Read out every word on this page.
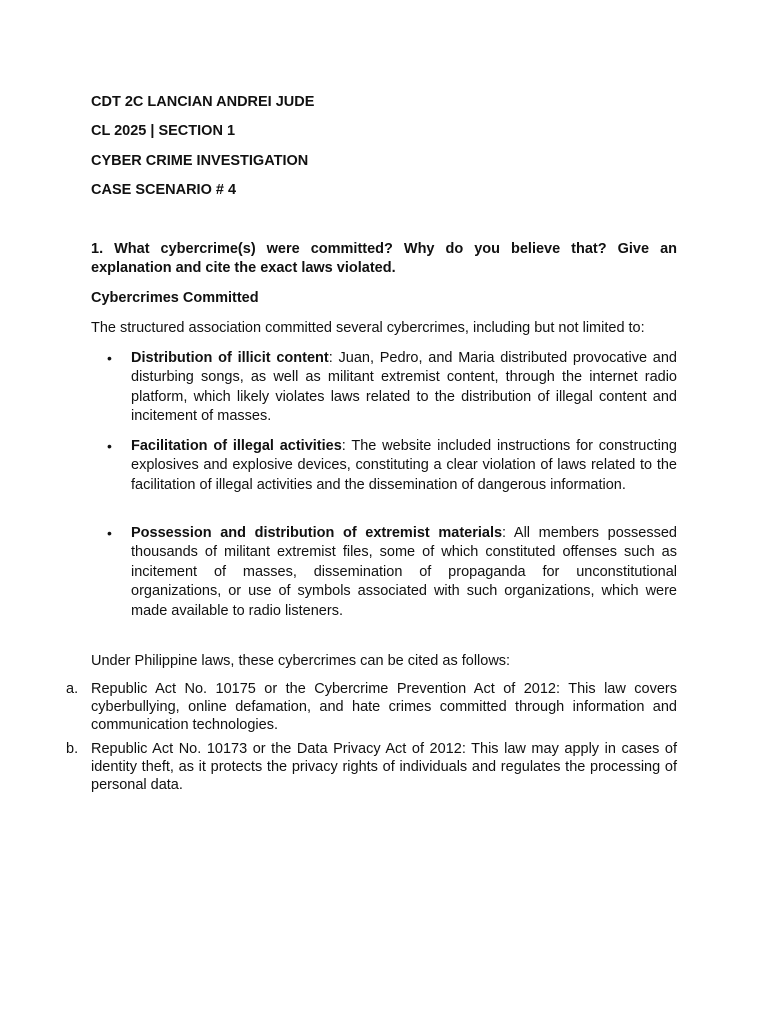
CDT 2C LANCIAN ANDREI JUDE

CL 2025 | SECTION 1

CYBER CRIME INVESTIGATION

CASE SCENARIO # 4

1. What cybercrime(s) were committed? Why do you believe that? Give an explanation and cite the exact laws violated.

Cybercrimes Committed

The structured association committed several cybercrimes, including but not limited to:

• Distribution of illicit content: Juan, Pedro, and Maria distributed provocative and disturbing songs, as well as militant extremist content, through the internet radio platform, which likely violates laws related to the distribution of illegal content and incitement of masses.
• Facilitation of illegal activities: The website included instructions for constructing explosives and explosive devices, constituting a clear violation of laws related to the facilitation of illegal activities and the dissemination of dangerous information.
• Possession and distribution of extremist materials: All members possessed thousands of militant extremist files, some of which constituted offenses such as incitement of masses, dissemination of propaganda for unconstitutional organizations, or use of symbols associated with such organizations, which were made available to radio listeners.

Under Philippine laws, these cybercrimes can be cited as follows:

a. Republic Act No. 10175 or the Cybercrime Prevention Act of 2012: This law covers cyberbullying, online defamation, and hate crimes committed through information and communication technologies.
b. Republic Act No. 10173 or the Data Privacy Act of 2012: This law may apply in cases of identity theft, as it protects the privacy rights of individuals and regulates the processing of personal data.
